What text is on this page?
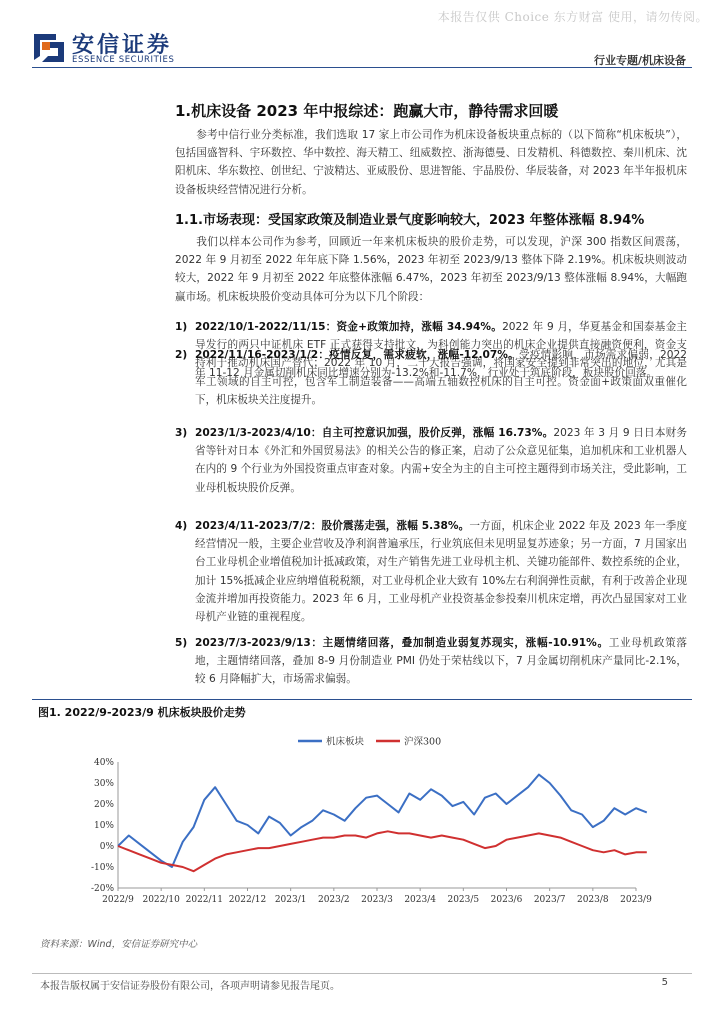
本报告仅供 Choice 东方财富 使用，请勿传阅。
安信证券
ESSENCE SECURITIES	行业专题/机床设备
1.机床设备 2023 年中报综述：跑赢大市，静待需求回暖
参考中信行业分类标准，我们选取 17 家上市公司作为机床设备板块重点标的（以下简称“机床板块”），包括国盛智科、宇环数控、华中数控、海天精工、纽威数控、浙海德曼、日发精机、科德数控、秦川机床、沈阳机床、华东数控、创世纪、宁波精达、亚威股份、思进智能、宇晶股份、华辰装备，对 2023 年半年报机床设备板块经营情况进行分析。
1.1.市场表现：受国家政策及制造业景气度影响较大，2023 年整体涨幅 8.94%
我们以样本公司作为参考，回顾近一年来机床板块的股价走势，可以发现，沪深 300 指数区间震荡，2022 年 9 月初至 2022 年年底下降 1.56%，2023 年初至 2023/9/13 整体下降 2.19%。机床板块则波动较大，2022 年 9 月初至 2022 年底整体涨幅 6.47%，2023 年初至 2023/9/13 整体涨幅 8.94%，大幅跑赢市场。机床板块股价变动具体可分为以下几个阶段：
1) 2022/10/1-2022/11/15：资金+政策加持，涨幅 34.94%。2022 年 9 月，华夏基金和国泰基金主导发行的两只中证机床 ETF 正式获得支持批文，为科创能力突出的机床企业提供直接融资便利，资金支持利于推动机床国产替代；2022 年 10 月，二十大报告强调，将国家安全提到非常突出的地位，尤其是军工领域的自主可控，包含军工制造装备——高端五轴数控机床的自主可控。资金面+政策面双重催化下，机床板块关注度提升。
2) 2022/11/16-2023/1/2：疫情反复，需求疲软，涨幅-12.07%。受疫情影响，市场需求偏弱，2022 年 11-12 月金属切削机床同比增速分别为-13.2%和-11.7%，行业处于筑底阶段，板块股价回落。
3) 2023/1/3-2023/4/10：自主可控意识加强，股价反弹，涨幅 16.73%。2023 年 3 月 9 日日本财务省等针对日本《外汇和外国贸易法》的相关公告的修正案，启动了公众意见征集，追加机床和工业机器人在内的 9 个行业为外国投资重点审查对象。内需+安全为主的自主可控主题得到市场关注，受此影响，工业母机板块股价反弹。
4) 2023/4/11-2023/7/2：股价震荡走强，涨幅 5.38%。一方面，机床企业 2022 年及 2023 年一季度经营情况一般，主要企业营收及净利润普遍承压，行业筑底但未见明显复苏迹象；另一方面，7 月国家出台工业母机企业增值税加计抵减政策，对生产销售先进工业母机主机、关键功能部件、数控系统的企业，加计 15%抵减企业应纳增值税税额，对工业母机企业大致有 10%左右利润弹性贡献，有利于改善企业现金流并增加再投资能力。2023 年 6 月，工业母机产业投资基金参投秦川机床定增，再次凸显国家对工业母机产业链的重视程度。
5) 2023/7/3-2023/9/13：主题情绪回落，叠加制造业弱复苏现实，涨幅-10.91%。工业母机政策落地，主题情绪回落，叠加 8-9 月份制造业 PMI 仍处于荣枯线以下，7 月金属切削机床产量同比-2.1%，较 6 月降幅扩大，市场需求偏弱。
图1. 2022/9-2023/9 机床板块股价走势
40%
30%
20%
10%
0%
-10%
-20%
2022/9 2022/10 2022/11 2022/12 2023/1 2023/2 2023/3 2023/4 2023/5 2023/6 2023/7 2023/8 2023/9
机床板块	沪深300
资料来源：Wind，安信证券研究中心
本报告版权属于安信证券股份有限公司，各项声明请参见报告尾页。	5
